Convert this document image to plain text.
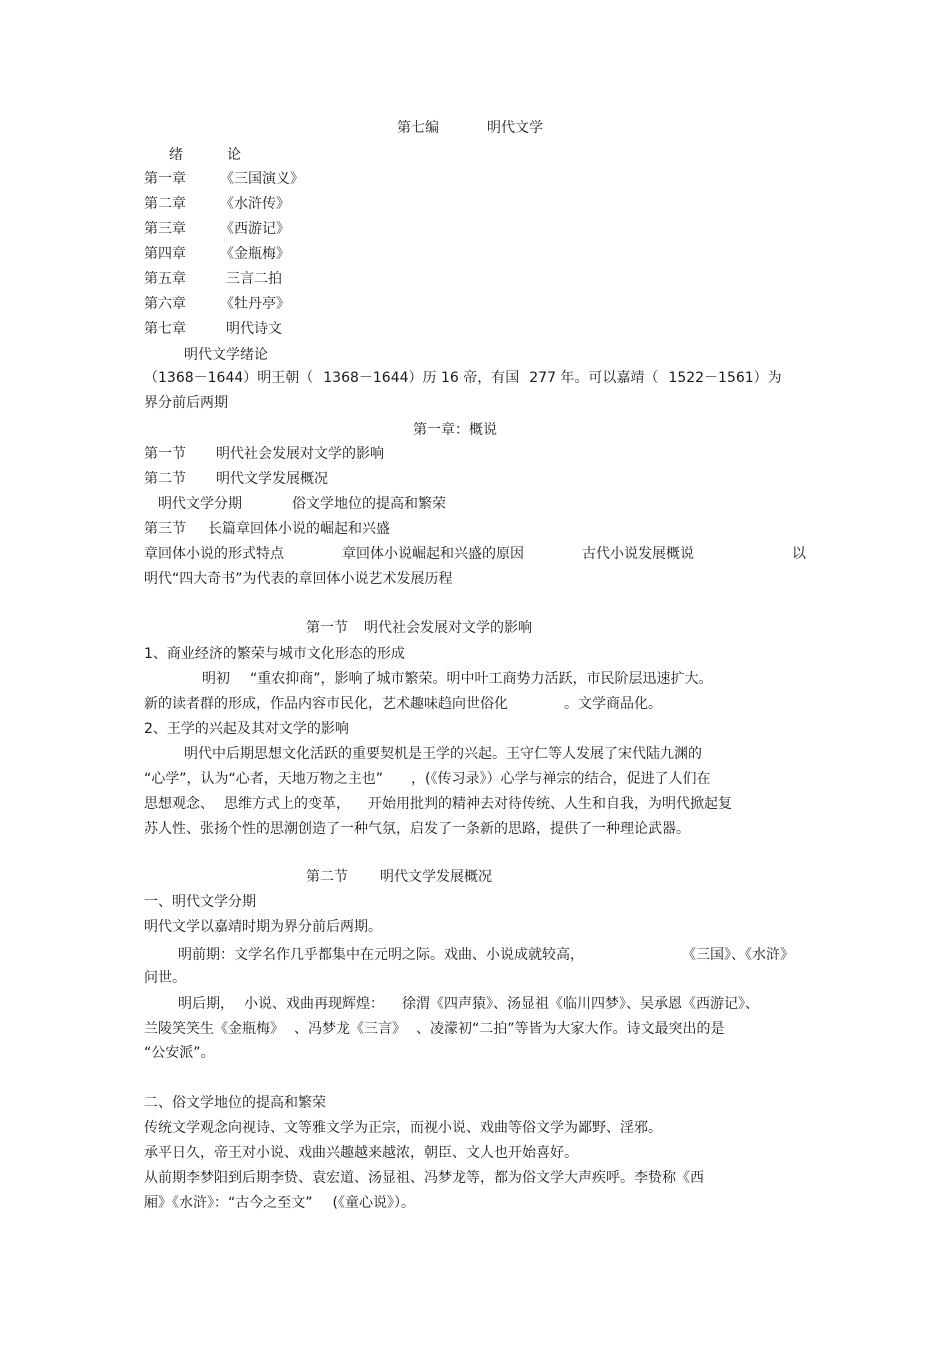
第七编	明代文学
绪	论
第一章 《三国演义》
第二章 《水浒传》
第三章 《西游记》
第四章 《金瓶梅》
第五章	三言二拍
第六章 《牡丹亭》
第七章	明代诗文
明代文学绪论
（1368－1644）明王朝（ 1368－1644）历 16 帝，有国 277 年。可以嘉靖（ 1522－1561）为
界分前后两期
第一章：概说
第一节 明代社会发展对文学的影响
第二节 明代文学发展概况
明代文学分期	俗文学地位的提高和繁荣
第三节 长篇章回体小说的崛起和兴盛
章回体小说的形式特点	章回体小说崛起和兴盛的原因	古代小说发展概说	以
明代“四大奇书”为代表的章回体小说艺术发展历程
第一节 明代社会发展对文学的影响
1、商业经济的繁荣与城市文化形态的形成
明初 “重农抑商”，影响了城市繁荣。明中叶工商势力活跃，市民阶层迅速扩大。
新的读者群的形成，作品内容市民化，艺术趣味趋向世俗化	。文学商品化。
2、王学的兴起及其对文学的影响
明代中后期思想文化活跃的重要契机是王学的兴起。王守仁等人发展了宋代陆九渊的
“心学”，认为“心者，天地万物之主也” ，(《传习录》）心学与禅宗的结合，促进了人们在
思想观念、 思维方式上的变革， 开始用批判的精神去对待传统、人生和自我，为明代掀起复
苏人性、张扬个性的思潮创造了一种气氛，启发了一条新的思路，提供了一种理论武器。
第二节 明代文学发展概况
一、明代文学分期
明代文学以嘉靖时期为界分前后两期。
明前期：文学名作几乎都集中在元明之际。戏曲、小说成就较高，	《三国》、《水浒》
问世。
明后期， 小说、戏曲再现辉煌： 徐渭《四声猿》、汤显祖《临川四梦》、吴承恩《西游记》、
兰陵笑笑生《金瓶梅》 、冯梦龙《三言》 、凌濛初“二拍”等皆为大家大作。诗文最突出的是
“公安派”。
二、俗文学地位的提高和繁荣
传统文学观念向视诗、文等雅文学为正宗，而视小说、戏曲等俗文学为鄙野、淫邪。
承平日久，帝王对小说、戏曲兴趣越来越浓，朝臣、文人也开始喜好。
从前期李梦阳到后期李贽、袁宏道、汤显祖、冯梦龙等，都为俗文学大声疾呼。李贽称《西
厢》《水浒》：“古今之至文” (《童心说》）。
